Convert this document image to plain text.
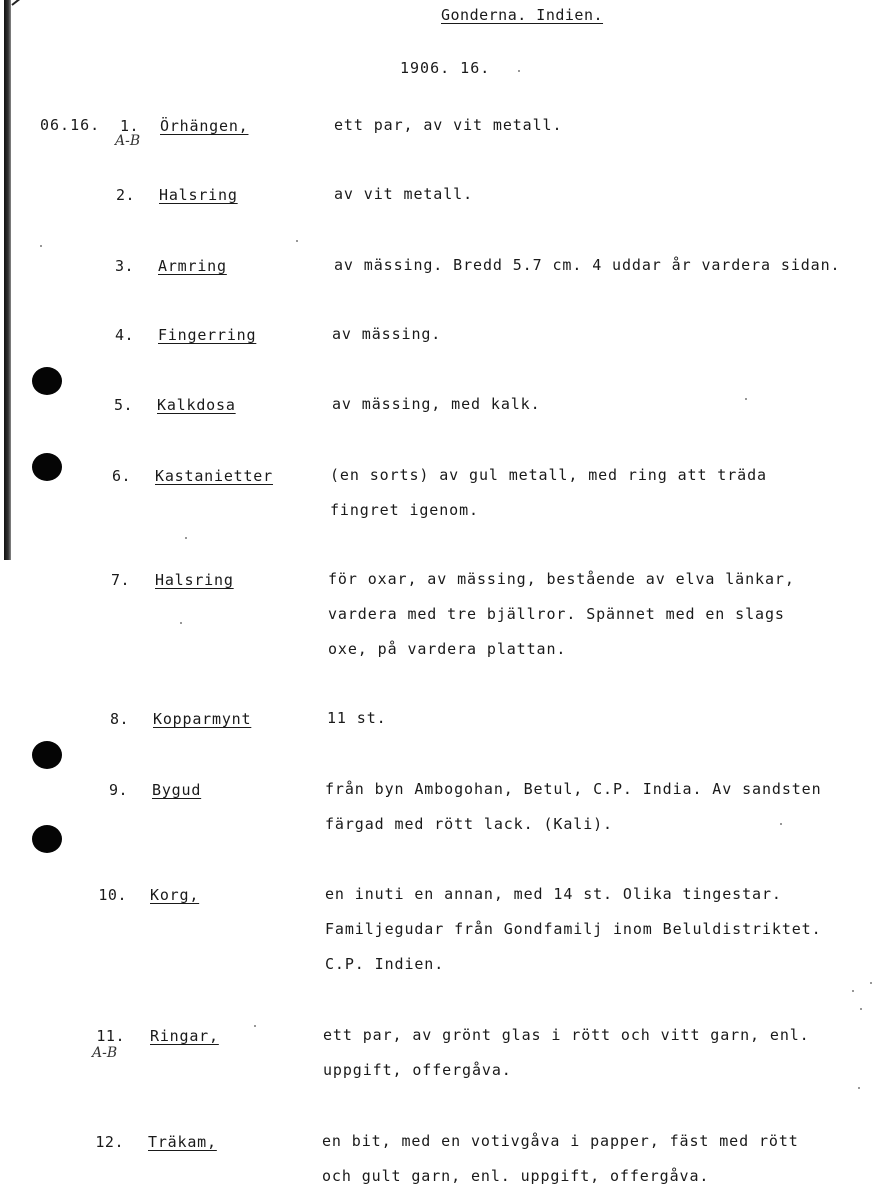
Gonderna. Indien.
1906. 16.
06.16.	1. Örhängen,	ett par, av vit metall.
2. Halsring	av vit metall.
3. Armring	av mässing. Bredd 5.7 cm. 4 uddar år vardera sidan.
4. Fingerring	av mässing.
5. Kalkdosa	av mässing, med kalk.
6. Kastanietter	(en sorts) av gul metall, med ring att träda
fingret igenom.
7. Halsring	för oxar, av mässing, bestående av elva länkar,
vardera med tre bjällror. Spännet med en slags
oxe, på vardera plattan.
8. Kopparmynt	11 st.
9. Bygud	från byn Ambogohan, Betul, C.P. India. Av sandsten
färgad med rött lack. (Kali).
10. Korg,	en inuti en annan, med 14 st. Olika tingestar.
Familjegudar från Gondfamilj inom Beluldistriktet.
C.P. Indien.
11. Ringar,	ett par, av grönt glas i rött och vitt garn, enl.
uppgift, offergåva.
12. Träkam,	en bit, med en votivgåva i papper, fäst med rött
och gult garn, enl. uppgift, offergåva.
A-B
A-B
